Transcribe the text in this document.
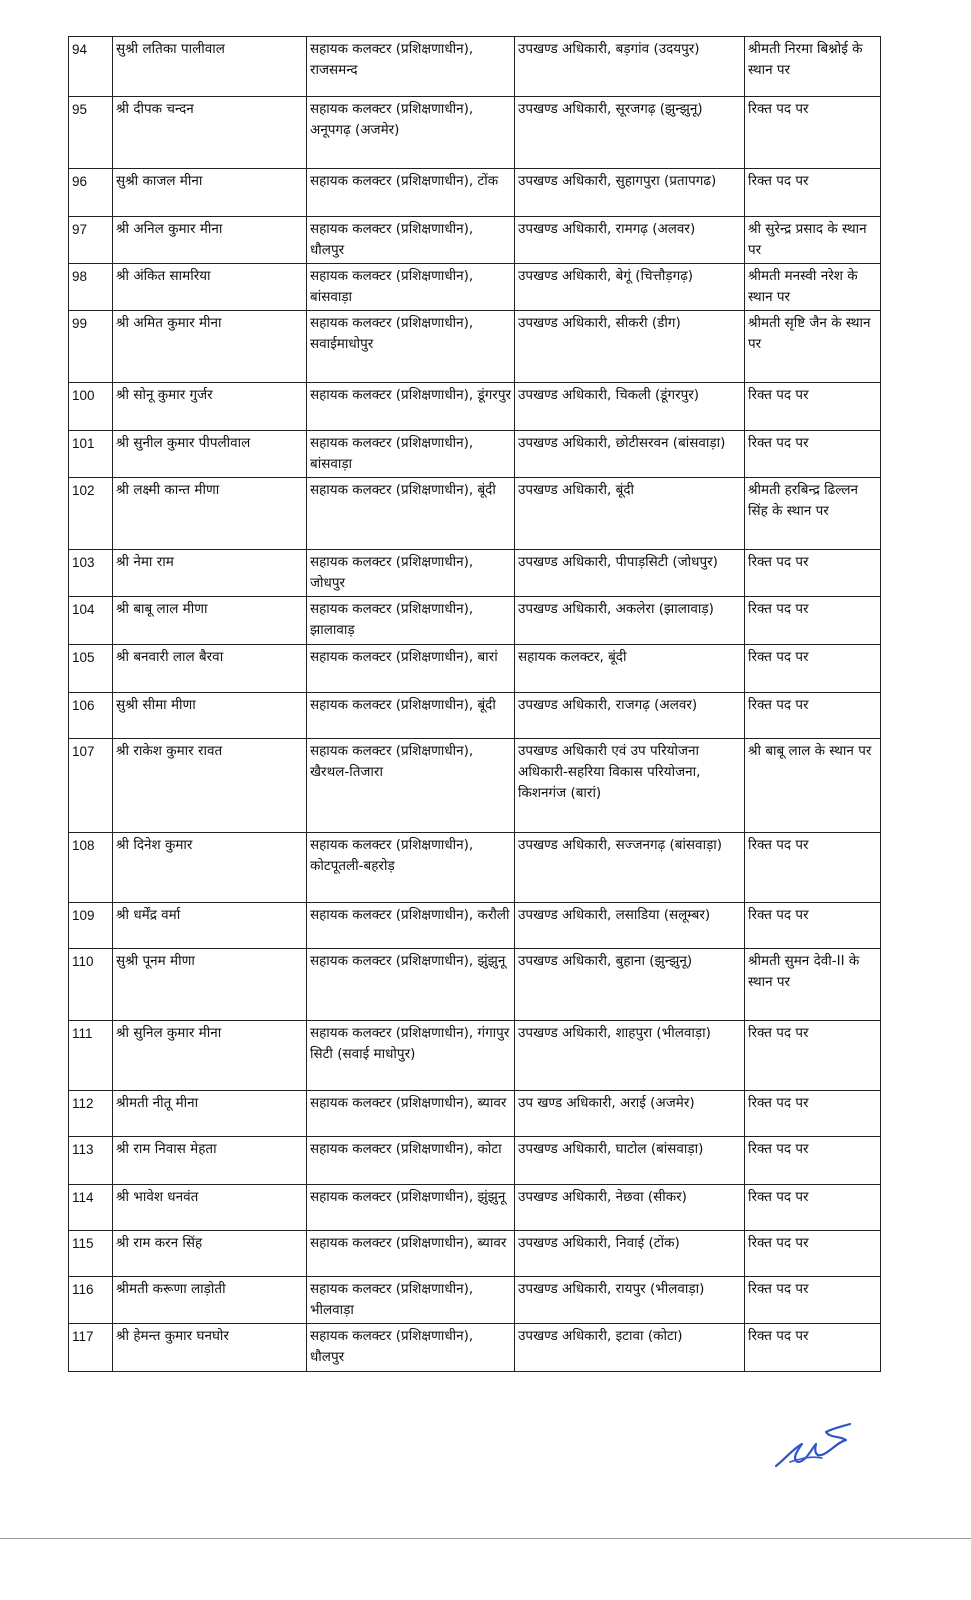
94	सुश्री लतिका पालीवाल	सहायक कलक्टर (प्रशिक्षणाधीन), राजसमन्द	उपखण्ड अधिकारी, बड़गांव (उदयपुर)	श्रीमती निरमा बिश्नोई के स्थान पर
95	श्री दीपक चन्दन	सहायक कलक्टर (प्रशिक्षणाधीन), अनूपगढ़ (अजमेर)	उपखण्ड अधिकारी, सूरजगढ़ (झुन्झुनू)	रिक्त पद पर
96	सुश्री काजल मीना	सहायक कलक्टर (प्रशिक्षणाधीन), टोंक	उपखण्ड अधिकारी, सुहागपुरा (प्रतापगढ)	रिक्त पद पर
97	श्री अनिल कुमार मीना	सहायक कलक्टर (प्रशिक्षणाधीन), धौलपुर	उपखण्ड अधिकारी, रामगढ़ (अलवर)	श्री सुरेन्द्र प्रसाद के स्थान पर
98	श्री अंकित सामरिया	सहायक कलक्टर (प्रशिक्षणाधीन), बांसवाड़ा	उपखण्ड अधिकारी, बेगूं (चित्तौड़गढ़)	श्रीमती मनस्वी नरेश के स्थान पर
99	श्री अमित कुमार मीना	सहायक कलक्टर (प्रशिक्षणाधीन), सवाईमाधोपुर	उपखण्ड अधिकारी, सीकरी (डीग)	श्रीमती सृष्टि जैन के स्थान पर
100	श्री सोनू कुमार गुर्जर	सहायक कलक्टर (प्रशिक्षणाधीन), डूंगरपुर	उपखण्ड अधिकारी, चिकली (डूंगरपुर)	रिक्त पद पर
101	श्री सुनील कुमार पीपलीवाल	सहायक कलक्टर (प्रशिक्षणाधीन), बांसवाड़ा	उपखण्ड अधिकारी, छोटीसरवन (बांसवाड़ा)	रिक्त पद पर
102	श्री लक्ष्मी कान्त मीणा	सहायक कलक्टर (प्रशिक्षणाधीन), बूंदी	उपखण्ड अधिकारी, बूंदी	श्रीमती हरबिन्द्र ढिल्लन सिंह के स्थान पर
103	श्री नेमा राम	सहायक कलक्टर (प्रशिक्षणाधीन), जोधपुर	उपखण्ड अधिकारी, पीपाड़सिटी (जोधपुर)	रिक्त पद पर
104	श्री बाबू लाल मीणा	सहायक कलक्टर (प्रशिक्षणाधीन), झालावाड़	उपखण्ड अधिकारी, अकलेरा (झालावाड़)	रिक्त पद पर
105	श्री बनवारी लाल बैरवा	सहायक कलक्टर (प्रशिक्षणाधीन), बारां	सहायक कलक्टर, बूंदी	रिक्त पद पर
106	सुश्री सीमा मीणा	सहायक कलक्टर (प्रशिक्षणाधीन), बूंदी	उपखण्ड अधिकारी, राजगढ़ (अलवर)	रिक्त पद पर
107	श्री राकेश कुमार रावत	सहायक कलक्टर (प्रशिक्षणाधीन), खैरथल-तिजारा	उपखण्ड अधिकारी एवं उप परियोजना अधिकारी-सहरिया विकास परियोजना, किशनगंज (बारां)	श्री बाबू लाल के स्थान पर
108	श्री दिनेश कुमार	सहायक कलक्टर (प्रशिक्षणाधीन), कोटपूतली-बहरोड़	उपखण्ड अधिकारी, सज्जनगढ़ (बांसवाड़ा)	रिक्त पद पर
109	श्री धर्मेंद्र वर्मा	सहायक कलक्टर (प्रशिक्षणाधीन), करौली	उपखण्ड अधिकारी, लसाडिया (सलूम्बर)	रिक्त पद पर
110	सुश्री पूनम मीणा	सहायक कलक्टर (प्रशिक्षणाधीन), झुंझुनू	उपखण्ड अधिकारी, बुहाना (झुन्झुनू)	श्रीमती सुमन देवी-II के स्थान पर
111	श्री सुनिल कुमार मीना	सहायक कलक्टर (प्रशिक्षणाधीन), गंगापुर सिटी (सवाई माधोपुर)	उपखण्ड अधिकारी, शाहपुरा (भीलवाड़ा)	रिक्त पद पर
112	श्रीमती नीतू मीना	सहायक कलक्टर (प्रशिक्षणाधीन), ब्यावर	उप खण्ड अधिकारी, अराई (अजमेर)	रिक्त पद पर
113	श्री राम निवास मेहता	सहायक कलक्टर (प्रशिक्षणाधीन), कोटा	उपखण्ड अधिकारी, घाटोल (बांसवाड़ा)	रिक्त पद पर
114	श्री भावेश धनवंत	सहायक कलक्टर (प्रशिक्षणाधीन), झुंझुनू	उपखण्ड अधिकारी, नेछवा (सीकर)	रिक्त पद पर
115	श्री राम करन सिंह	सहायक कलक्टर (प्रशिक्षणाधीन), ब्यावर	उपखण्ड अधिकारी, निवाई (टोंक)	रिक्त पद पर
116	श्रीमती करूणा लाड़ोती	सहायक कलक्टर (प्रशिक्षणाधीन), भीलवाड़ा	उपखण्ड अधिकारी, रायपुर (भीलवाड़ा)	रिक्त पद पर
117	श्री हेमन्त कुमार घनघोर	सहायक कलक्टर (प्रशिक्षणाधीन), धौलपुर	उपखण्ड अधिकारी, इटावा (कोटा)	रिक्त पद पर
